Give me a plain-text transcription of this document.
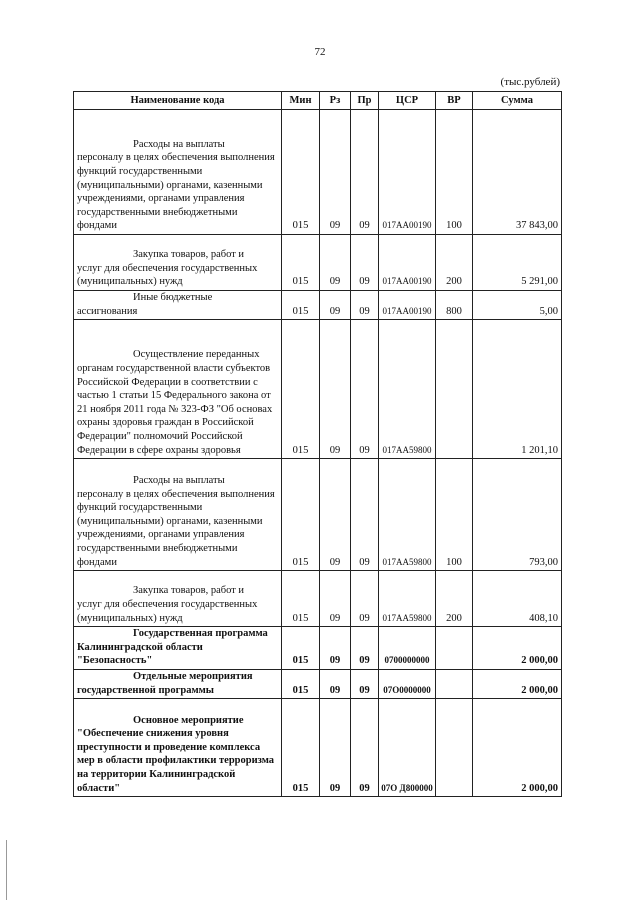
72
(тыс.рублей)
Наименование кода	Мин	Рз	Пр	ЦСР	ВР	Сумма

Расходы на выплаты
персоналу в целях обеспечения выполнения функций государственными (муниципальными) органами, казенными учреждениями, органами управления государственными внебюджетными фондами	015	09	09	017АА00190	100	37 843,00

Закупка товаров, работ и
услуг для обеспечения государственных (муниципальных) нужд	015	09	09	017АА00190	200	5 291,00

Иные бюджетные
ассигнования	015	09	09	017АА00190	800	5,00

Осуществление переданных
органам государственной власти субъектов Российской Федерации в соответствии с частью 1 статьи 15 Федерального закона от 21 ноября 2011 года № 323-ФЗ "Об основах охраны здоровья граждан в Российской Федерации" полномочий Российской Федерации в сфере охраны здоровья	015	09	09	017АА59800		1 201,10

Расходы на выплаты
персоналу в целях обеспечения выполнения функций государственными (муниципальными) органами, казенными учреждениями, органами управления государственными внебюджетными фондами	015	09	09	017АА59800	100	793,00

Закупка товаров, работ и
услуг для обеспечения государственных (муниципальных) нужд	015	09	09	017АА59800	200	408,10

Государственная программа
Калининградской области "Безопасность"	015	09	09	0700000000		2 000,00

Отдельные мероприятия
государственной программы	015	09	09	07О0000000		2 000,00

Основное мероприятие
"Обеспечение снижения уровня преступности и проведение комплекса мер в области профилактики терроризма на территории Калининградской области"	015	09	09	07О Д800000		2 000,00
